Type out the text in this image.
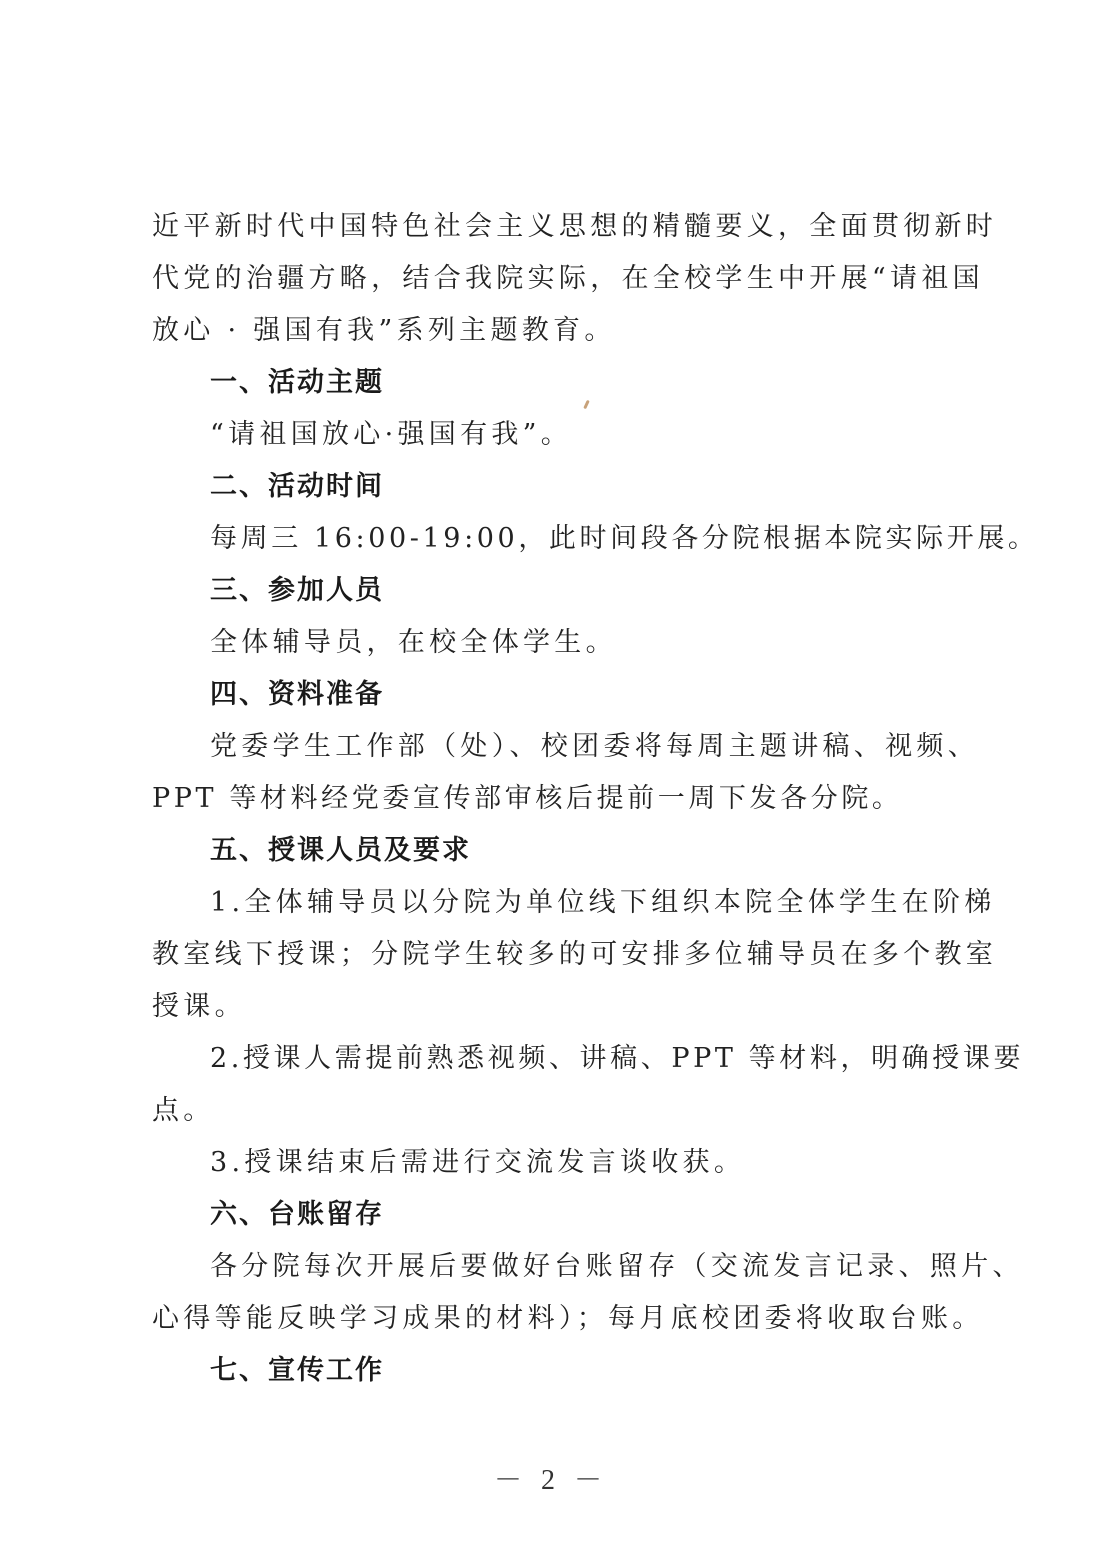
近平新时代中国特色社会主义思想的精髓要义，全面贯彻新时
代党的治疆方略，结合我院实际，在全校学生中开展“请祖国
放心 · 强国有我”系列主题教育。
一、活动主题
“请祖国放心·强国有我”。
二、活动时间
每周三 16:00-19:00，此时间段各分院根据本院实际开展。
三、参加人员
全体辅导员，在校全体学生。
四、资料准备
党委学生工作部（处）、校团委将每周主题讲稿、视频、
PPT 等材料经党委宣传部审核后提前一周下发各分院。
五、授课人员及要求
1.全体辅导员以分院为单位线下组织本院全体学生在阶梯
教室线下授课；分院学生较多的可安排多位辅导员在多个教室
授课。
2.授课人需提前熟悉视频、讲稿、PPT 等材料，明确授课要
点。
3.授课结束后需进行交流发言谈收获。
六、台账留存
各分院每次开展后要做好台账留存（交流发言记录、照片、
心得等能反映学习成果的材料）；每月底校团委将收取台账。
七、宣传工作
－ 2 －
